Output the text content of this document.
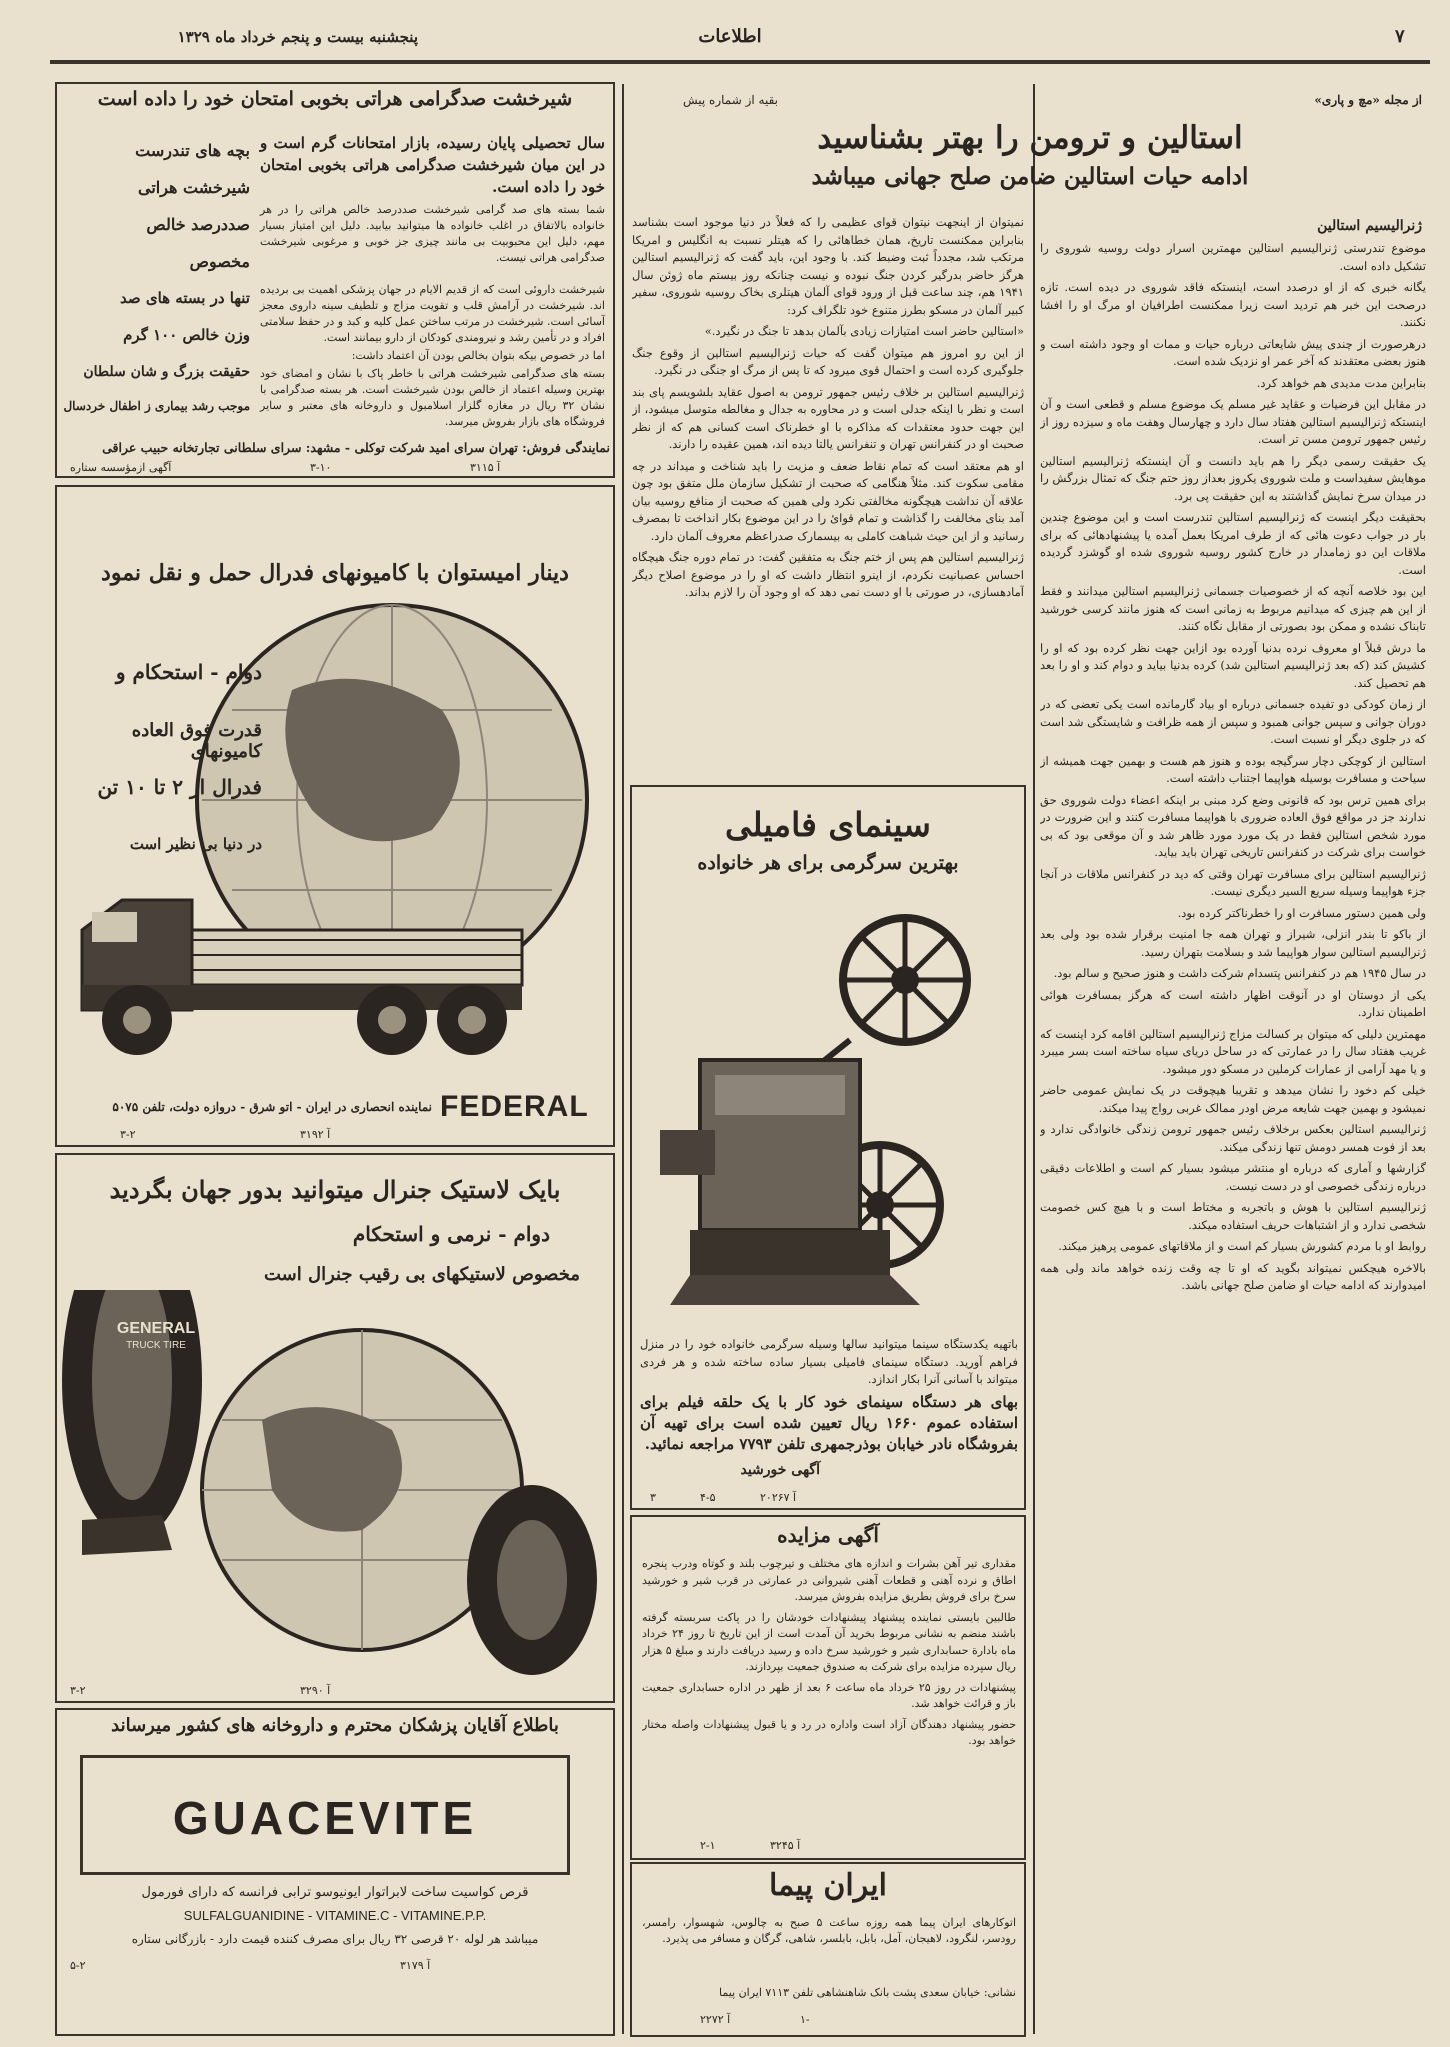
پنجشنبه بیست و پنجم خرداد ماه ۱۳۲۹	اطلاعات	۷
از مجله «مچ و پاری»
بقیه از شماره پیش
استالین و ترومن را بهتر بشناسید
ادامه حیات استالین ضامن صلح جهانی میباشد
ژنرالیسیم استالین

موضوع تندرستی ژنرالیسیم استالین مهمترین اسرار دولت روسیه شوروی را تشکیل داده است.

یگانه خبری که از او درصدد است، اینستکه فاقد شوروی در دیده است. تازه درصحت این خبر هم تردید است زیرا ممکنست اطرافیان او مرگ او را افشا نکنند.

درهرصورت از چندی پیش شایعاتی درباره حیات و ممات او وجود داشته است و هنوز بعضی معتقدند که آخر عمر او نزدیک شده است.

بنابراین مدت مدیدی هم خواهد کرد.

در مقابل این فرضیات و عقاید غیر مسلم یک موضوع مسلم و قطعی است و آن اینستکه ژنرالیسیم استالین هفتاد سال دارد و چهارسال وهفت ماه و سیزده روز از رئیس جمهور ترومن مسن تر است.

یک حقیقت رسمی دیگر را هم باید دانست و آن اینستکه ژنرالیسیم استالین موهایش سفیداست و ملت شوروی یکروز بعداز روز حتم جنگ که تمثال بزرگش را در میدان سرخ نمایش گذاشتند به این حقیقت پی برد.

بحقیقت دیگر اینست که ژنرالیسیم استالین تندرست است و این موضوع چندین بار در جواب دعوت هائی که از طرف امریکا بعمل آمده یا پیشنهادهائی که برای ملاقات این دو زمامدار در خارج کشور روسیه شوروی شده او گوشزد گردیده است.

این بود خلاصه آنچه که از خصوصیات جسمانی ژنرالیسیم استالین میدانند و فقط از این هم چیزی که میدانیم مربوط به زمانی است که هنوز مانند کرسی خورشید تابناک نشده و ممکن بود بصورتی از مقابل نگاه کنند.

ما درش قبلاً او معروف نرده بدنیا آورده بود ازاین جهت نظر کرده بود که او را کشیش کند (که بعد ژنرالیسیم استالین شد) کرده بدنیا بیاید و دوام کند و او را بعد هم تحصیل کند.

از زمان کودکی دو تفیده جسمانی درباره او بیاد گارمانده است یکی تعضی که در دوران جوانی و سپس جوانی همبود و سپس از همه ظرافت و شایستگی شد است که در جلوی دیگر او نسبت است.

استالین از کوچکی دچار سرگیجه بوده و هنوز هم هست و بهمین جهت همیشه از سیاحت و مسافرت بوسیله هواپیما اجتناب داشته است.

برای همین ترس بود که قانونی وضع کرد مبنی بر اینکه اعضاء دولت شوروی حق ندارند جز در مواقع فوق العاده ضروری با هواپیما مسافرت کنند و این ضرورت در مورد شخص استالین فقط در یک مورد مورد ظاهر شد و آن موقعی بود که بی خواست برای شرکت در کنفرانس تاریخی تهران باید بیاید.

ژنرالیسیم استالین برای مسافرت تهران وقتی که دید در کنفرانس ملاقات در آنجا جزء هواپیما وسیله سریع السیر دیگری نیست.

ولی همین دستور مسافرت او را خطرناکتر کرده بود.

از باکو تا بندر انزلی، شیراز و تهران همه جا امنیت برقرار شده بود ولی بعد ژنرالیسیم استالین سوار هواپیما شد و بسلامت بتهران رسید.

در سال ۱۹۴۵ هم در کنفرانس پتسدام شرکت داشت و هنوز صحیح و سالم بود.

یکی از دوستان او در آنوقت اظهار داشته است که هرگز بمسافرت هوائی اطمینان ندارد.

مهمترین دلیلی که میتوان بر کسالت مزاج ژنرالیسیم استالین اقامه کرد اینست که غریب هفتاد سال را در عمارتی که در ساحل دریای سیاه ساخته است بسر میبرد و یا مهد آرامی از عمارات کرملین در مسکو دور میشود.

خیلی کم دخود را نشان میدهد و تقریبا هیچوقت در یک نمایش عمومی حاضر نمیشود و بهمین جهت شایعه مرض اودر ممالک غربی رواج پیدا میکند.

ژنرالیسیم استالین بعکس برخلاف رئیس جمهور ترومن زندگی خانوادگی ندارد و بعد از فوت همسر دومش تنها زندگی میکند.

گزارشها و آماری که درباره او منتشر میشود بسیار کم است و اطلاعات دقیقی درباره زندگی خصوصی او در دست نیست.

ژنرالیسیم استالین با هوش و باتجربه و مختاط است و با هیچ کس خصومت شخصی ندارد و از اشتباهات حریف استفاده میکند.

روابط او با مردم کشورش بسیار کم است و از ملاقاتهای عمومی پرهیز میکند.

بالاخره هیچکس نمیتواند بگوید که او تا چه وقت زنده خواهد ماند ولی همه امیدوارند که ادامه حیات او ضامن صلح جهانی باشد.

نمیتوان از اینجهت نیتوان قوای عظیمی را که فعلاً در دنیا موجود است بشناسد بنابراین ممکنست تاریخ، همان خطاهائی را که هیتلر نسبت به انگلیس و امریکا مرتکب شد، مجدداً ثبت وضبط کند. با وجود این، باید گفت که ژنرالیسیم استالین هرگز حاضر بدرگیر کردن جنگ نبوده و نیست چنانکه روز بیستم ماه ژوئن سال ۱۹۴۱ هم، چند ساعت قبل از ورود قوای آلمان هیتلری بخاک روسیه شوروی، سفیر کبیر آلمان در مسکو بطرز متنوع خود تلگراف کرد:

«استالین حاضر است امتیازات زیادی بآلمان بدهد تا جنگ در نگیرد.»

از این رو امروز هم میتوان گفت که حیات ژنرالیسیم استالین از وقوع جنگ جلوگیری کرده است و احتمال قوی میرود که تا پس از مرگ او جنگی در نگیرد.

ژنرالیسیم استالین بر خلاف رئیس جمهور ترومن به اصول عقاید بلشویسم پای بند است و نظر با اینکه جدلی است و در محاوره به جدال و مغالطه متوسل میشود، از این جهت حدود معتقدات که مذاکره با او خطرناک است کسانی هم که از نظر صحبت او در کنفرانس تهران و تنفرانس یالتا دیده اند، همین عقیده را دارند.

او هم معتقد است که تمام نقاط ضعف و مزیت را باید شناخت و میداند در چه مقامی سکوت کند. مثلاً هنگامی که صحبت از تشکیل سازمان ملل متفق بود چون علاقه آن نداشت هیچگونه مخالفتی نکرد ولی همین که صحبت از منافع روسیه بیان آمد بنای مخالفت را گذاشت و تمام قوائ را در این موضوع بکار انداخت تا بمصرف رسانید و از این حیث شباهت کاملی به بیسمارک صدراعظم معروف آلمان دارد.

ژنرالیسیم استالین هم پس از ختم جنگ به متفقین گفت: در تمام دوره جنگ هیچگاه احساس عصبانیت نکردم، از اینرو انتظار داشت که او را در موضوع اصلاح دیگر آمادهسازی، در صورتی با او دست نمی دهد که او وجود آن را لازم بداند.

سینمای فامیلی
بهترین سرگرمی برای هر خانواده
باتهیه یکدستگاه سینما میتوانید سالها وسیله سرگرمی خانواده خود را در منزل فراهم آورید. دستگاه سینمای فامیلی بسیار ساده ساخته شده و هر فردی میتواند با آسانی آنرا بکار اندازد.
بهای هر دستگاه سینمای خود کار با یک حلقه فیلم برای استفاده عموم ۱۶۶۰ ریال تعیین شده است برای تهیه آن بفروشگاه نادر خیابان بوذرجمهری تلفن ۷۷۹۳ مراجعه نمائید.
آگهی خورشید
۳	۴-۵	۲۰۲۶۷ آ
آگهی مزایده

مقداری تیر آهن بشرات و اندازه های مختلف و تیرچوب بلند و کوتاه ودرب پنجره اطاق و نرده آهنی و قطعات آهنی شیروانی در عمارتی در قرب شیر و خورشید سرخ برای فروش بطریق مزایده بفروش میرسد.

طالبین بایستی نماینده پیشنهاد پیشنهادات خودشان را در پاکت سربسته گرفته باشند منضم به نشانی مربوط بخرید آن آمدت است از این تاریخ تا روز ۲۴ خرداد ماه بادارة حسابداری شیر و خورشید سرخ داده و رسید دریافت دارند و مبلغ ۵ هزار ریال سپرده مزایده برای شرکت به صندوق جمعیت بپردازند.

پیشنهادات در روز ۲۵ خرداد ماه ساعت ۶ بعد از ظهر در اداره حسابداری جمعیت باز و قرائت خواهد شد.

حضور پیشنهاد دهندگان آزاد است واداره در رد و یا قبول پیشنهادات واصله مختار خواهد بود.

۲-۱	آ ۳۲۴۵
ایران پیما
اتوکارهای ایران پیما همه روزه ساعت ۵ صبح به چالوس، شهسوار، رامسر، رودسر، لنگرود، لاهیجان، آمل، بابل، بابلسر، شاهی، گرگان و مسافر می پذیرد.
نشانی: خیابان سعدی پشت بانک شاهنشاهی تلفن ۷۱۱۳ ایران پیما
آ ۲۲۷۲	۱-
شیرخشت صدگرامی هراتی بخوبی امتحان خود را داده است
بچه های تندرست
شیرخشت هراتی
صددرصد خالص
مخصوص
تنها در بسته های صد
وزن خالص ۱۰۰ گرم
حقیقت بزرگ و شان سلطان
موجب رشد بیماری ز اطفال خردسال
سال تحصیلی پایان رسیده، بازار امتحانات گرم است و در این میان شیرخشت صدگرامی هراتی بخوبی امتحان خود را داده است.
شما بسته های صد گرامی شیرخشت صددرصد خالص هراتی را در هر خانواده بالاتفاق در اغلب خانواده ها میتوانید بیابید. دلیل این امتیاز بسیار مهم، دلیل این محبوبیت بی مانند چیزی جز خوبی و مرغوبی شیرخشت صدگرامی هراتی نیست.
شیرخشت داروئی است که از قدیم الایام در جهان پزشکی اهمیت بی بردیده اند. شیرخشت در آرامش قلب و تقویت مزاج و تلطیف سینه داروی معجز آسائی است. شیرخشت در مرتب ساختن عمل کلیه و کبد و در حفظ سلامتی افراد و در تأمین رشد و نیرومندی کودکان از دارو بیمانند است.
اما در خصوص بیکه بتوان بخالص بودن آن اعتماد داشت:
بسته های صدگرامی شیرخشت هراتی با خاطر پاک با نشان و امضای خود بهترین وسیله اعتماد از خالص بودن شیرخشت است. هر بسته صدگرامی با نشان ۳۲ ریال در مغازه گلزار اسلامبول و داروخانه های معتبر و سایر فروشگاه های بازار بفروش میرسد.
نمایندگی فروش: تهران سرای امید شرکت توکلی - مشهد: سرای سلطانی تجارتخانه حبیب عراقی
آگهی ازمؤسسه ستاره	۳-۱۰	آ ۳۱۱۵
دینار امیستوان با کامیونهای فدرال حمل و نقل نمود
دوام - استحکام و
قدرت فوق العاده کامیونهای
فدرال از ۲ تا ۱۰ تن
در دنیا بی نظیر است
FEDERAL
نماینده انحصاری در ایران - اتو شرق - دروازه دولت، تلفن ۵۰۷۵
آ ۳۱۹۲
۳-۲
بایک لاستیک جنرال میتوانید بدور جهان بگردید
دوام - نرمی و استحکام
مخصوص لاستیکهای بی رقیب جنرال است
GENERAL
TRUCK TIRE
آ ۳۲۹۰
۳-۲
باطلاع آقایان پزشکان محترم و داروخانه های کشور میرساند
GUACEVITE
قرص کواسیت ساخت لابراتوار ایونیوسو ترابی فرانسه که دارای فورمول
SULFALGUANIDINE - VITAMINE.C - VITAMINE.P.P.
میباشد هر لوله ۲۰ قرصی ۳۲ ریال برای مصرف کننده قیمت دارد - بازرگانی ستاره
آ ۳۱۷۹
۵-۲
